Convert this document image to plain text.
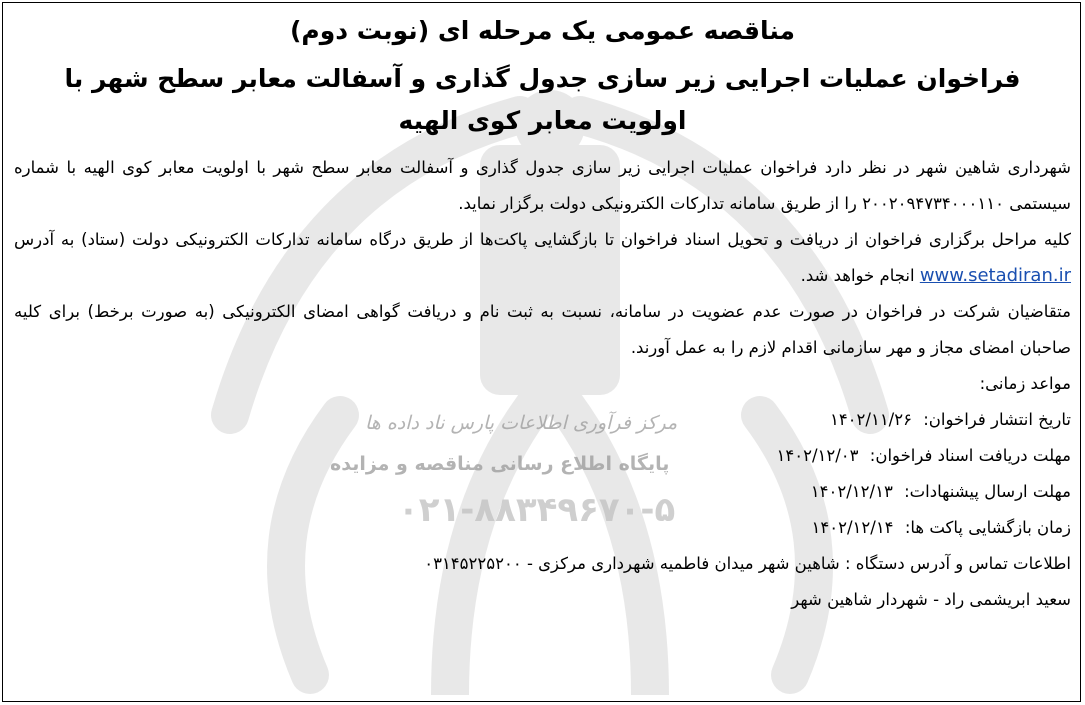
مرکز فرآوری اطلاعات پارس ناد داده ها
پایگاه اطلاع رسانی مناقصه و مزایده
۰۲۱-۸۸۳۴۹۶۷۰-۵
مناقصه عمومی یک مرحله ای (نوبت دوم)
فراخوان عملیات اجرایی زیر سازی جدول گذاری و آسفالت معابر سطح شهر با اولویت معابر کوی الهیه

شهرداری شاهین شهر در نظر دارد فراخوان عملیات اجرایی زیر سازی جدول گذاری و آسفالت معابر سطح شهر با اولویت معابر کوی الهیه با شماره سیستمی ۲۰۰۲۰۹۴۷۳۴۰۰۰۱۱۰ را از طریق سامانه تدارکات الکترونیکی دولت برگزار نماید.

کلیه مراحل برگزاری فراخوان از دریافت و تحویل اسناد فراخوان تا بازگشایی پاکت‌ها از طریق درگاه سامانه تدارکات الکترونیکی دولت (ستاد) به آدرس www.setadiran.ir انجام خواهد شد.

متقاضیان شرکت در فراخوان در صورت عدم عضویت در سامانه، نسبت به ثبت نام و دریافت گواهی امضای الکترونیکی (به صورت برخط) برای کلیه صاحبان امضای مجاز و مهر سازمانی اقدام لازم را به عمل آورند.

مواعد زمانی:

تاریخ انتشار فراخوان: ۱۴۰۲/۱۱/۲۶

مهلت دریافت اسناد فراخوان: ۱۴۰۲/۱۲/۰۳

مهلت ارسال پیشنهادات: ۱۴۰۲/۱۲/۱۳

زمان بازگشایی پاکت ها: ۱۴۰۲/۱۲/۱۴

اطلاعات تماس و آدرس دستگاه : شاهین شهر میدان فاطمیه شهرداری مرکزی - ۰۳۱۴۵۲۲۵۲۰۰

سعید ابریشمی راد - شهردار شاهین شهر
